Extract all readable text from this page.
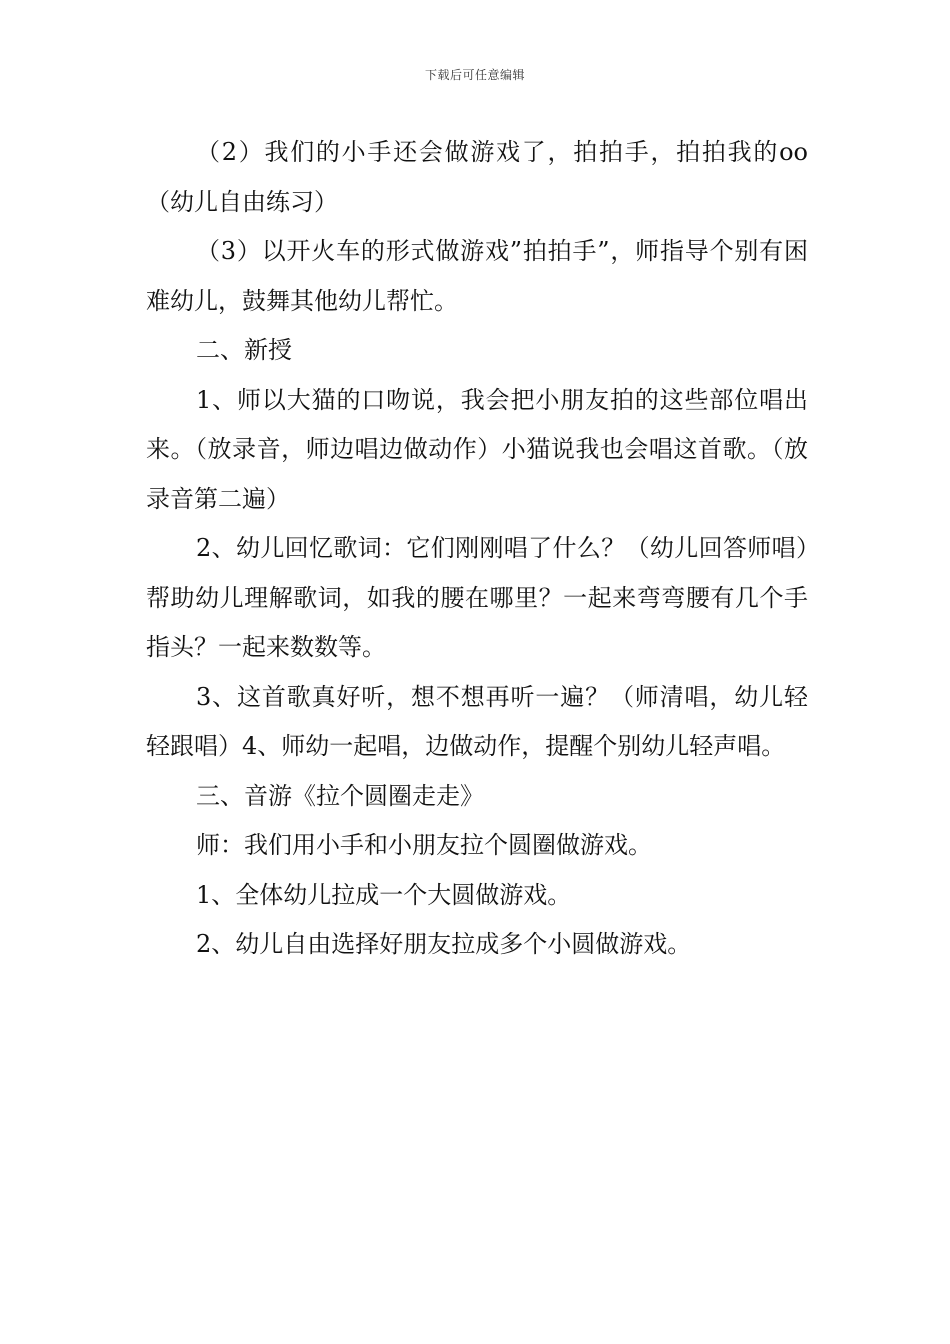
下载后可任意编辑

（2）我们的小手还会做游戏了，拍拍手，拍拍我的oo（幼儿自由练习）

（3）以开火车的形式做游戏”拍拍手”，师指导个别有困难幼儿，鼓舞其他幼儿帮忙。

二、新授

1、师以大猫的口吻说，我会把小朋友拍的这些部位唱出来。（放录音，师边唱边做动作）小猫说我也会唱这首歌。（放录音第二遍）

2、幼儿回忆歌词：它们刚刚唱了什么？（幼儿回答师唱）帮助幼儿理解歌词，如我的腰在哪里？一起来弯弯腰有几个手指头？一起来数数等。

3、这首歌真好听，想不想再听一遍？（师清唱，幼儿轻轻跟唱）4、师幼一起唱，边做动作，提醒个别幼儿轻声唱。

三、音游《拉个圆圈走走》

师：我们用小手和小朋友拉个圆圈做游戏。

1、全体幼儿拉成一个大圆做游戏。

2、幼儿自由选择好朋友拉成多个小圆做游戏。
